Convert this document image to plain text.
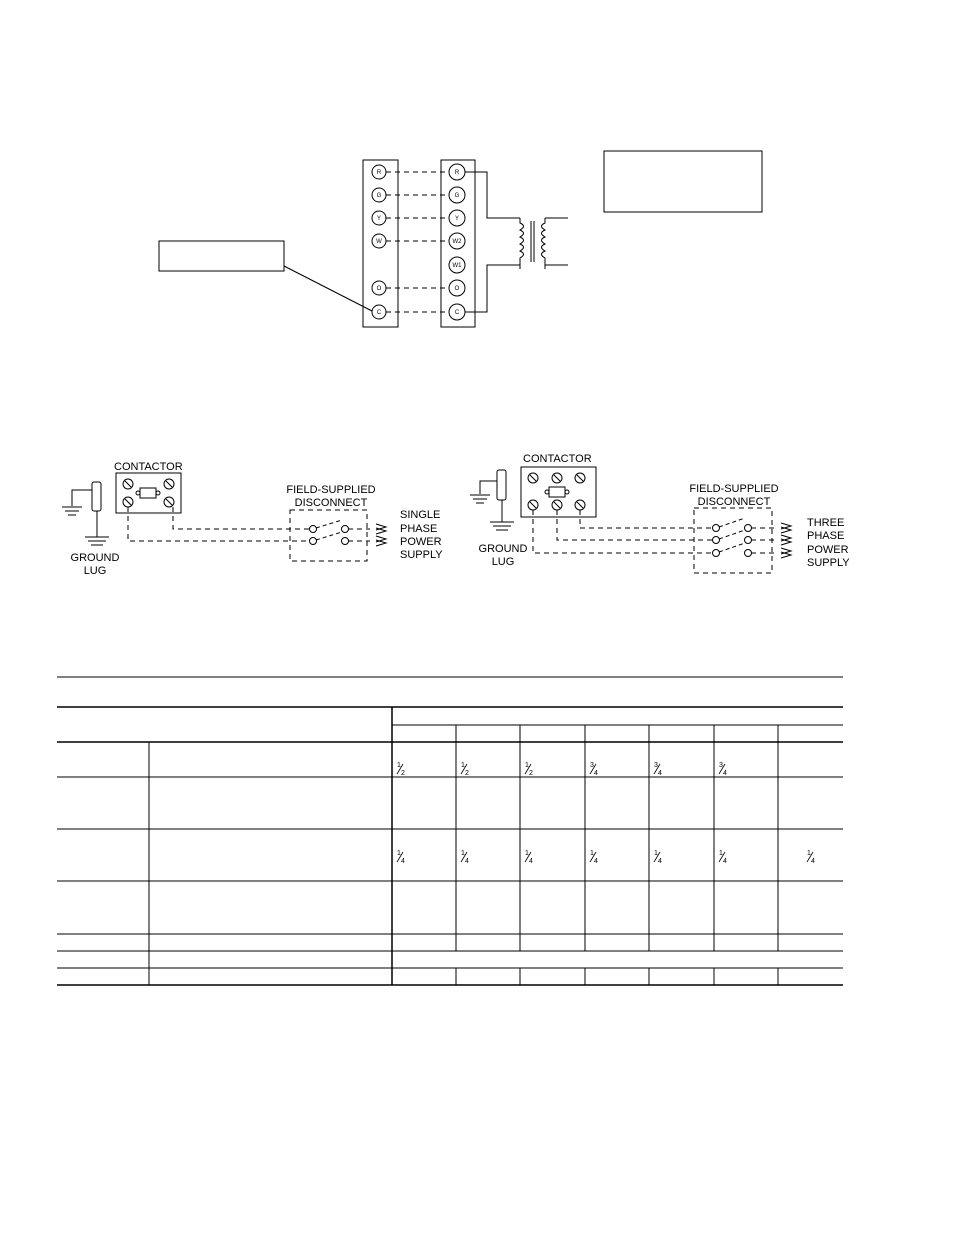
R
G
Y
W
O
C
R
G
Y
W2
W1
O
C
CONTACTOR
GROUND
LUG
FIELD-SUPPLIED
DISCONNECT
SINGLE
PHASE
POWER
SUPPLY
CONTACTOR
GROUND
LUG
FIELD-SUPPLIED
DISCONNECT
THREE
PHASE
POWER
SUPPLY
1
2
1
2
1
2
3
4
3
4
3
4
1
4
1
4
1
4
1
4
1
4
1
4
1
4
